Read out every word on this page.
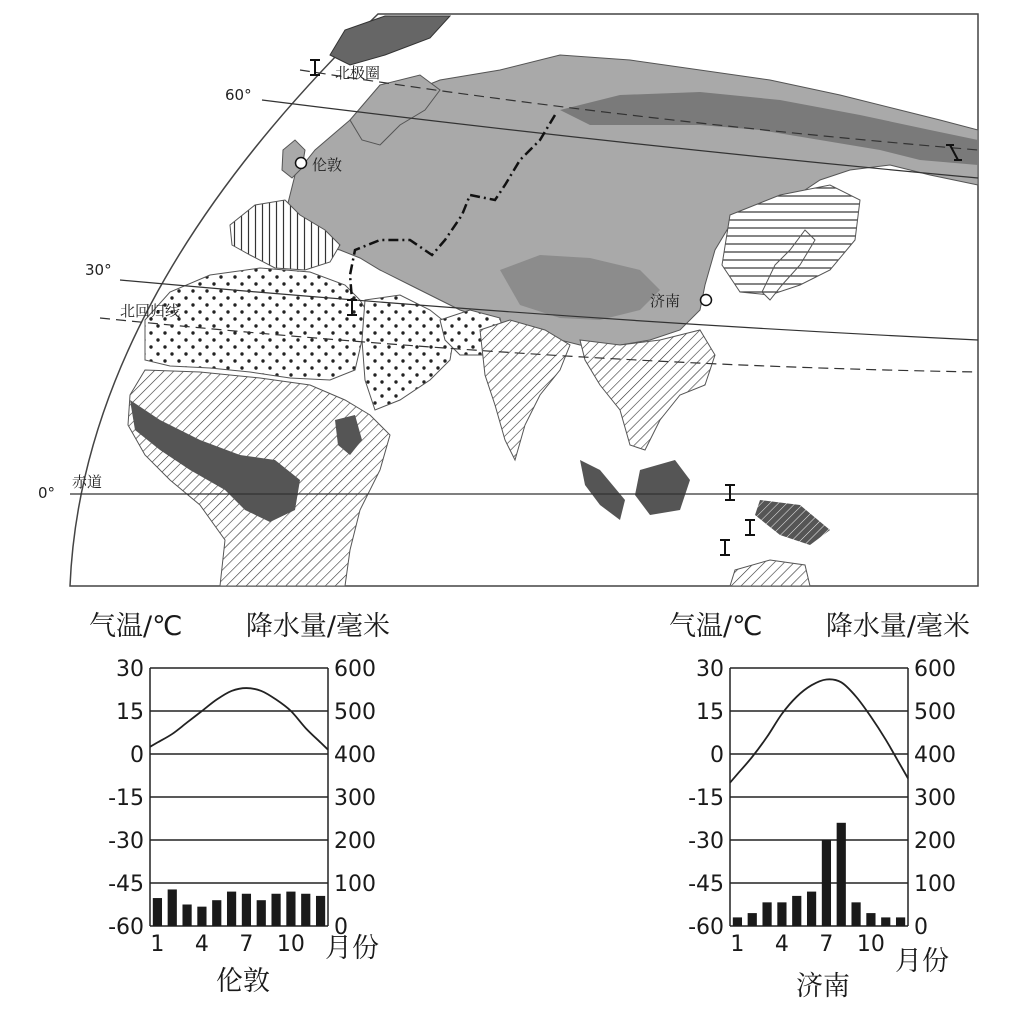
60°
30°
0°
北极圈
北回归线
赤道
伦敦
济南
气温/℃ 降水量/毫米
月份
伦敦
30
15
0
-15
-30
-45
-60
600
500
400
300
200
100
0
1 4 7 10
气温/℃ 降水量/毫米
月份
济南
30
15
0
-15
-30
-45
-60
600
500
400
300
200
100
0
1 4 7 10
